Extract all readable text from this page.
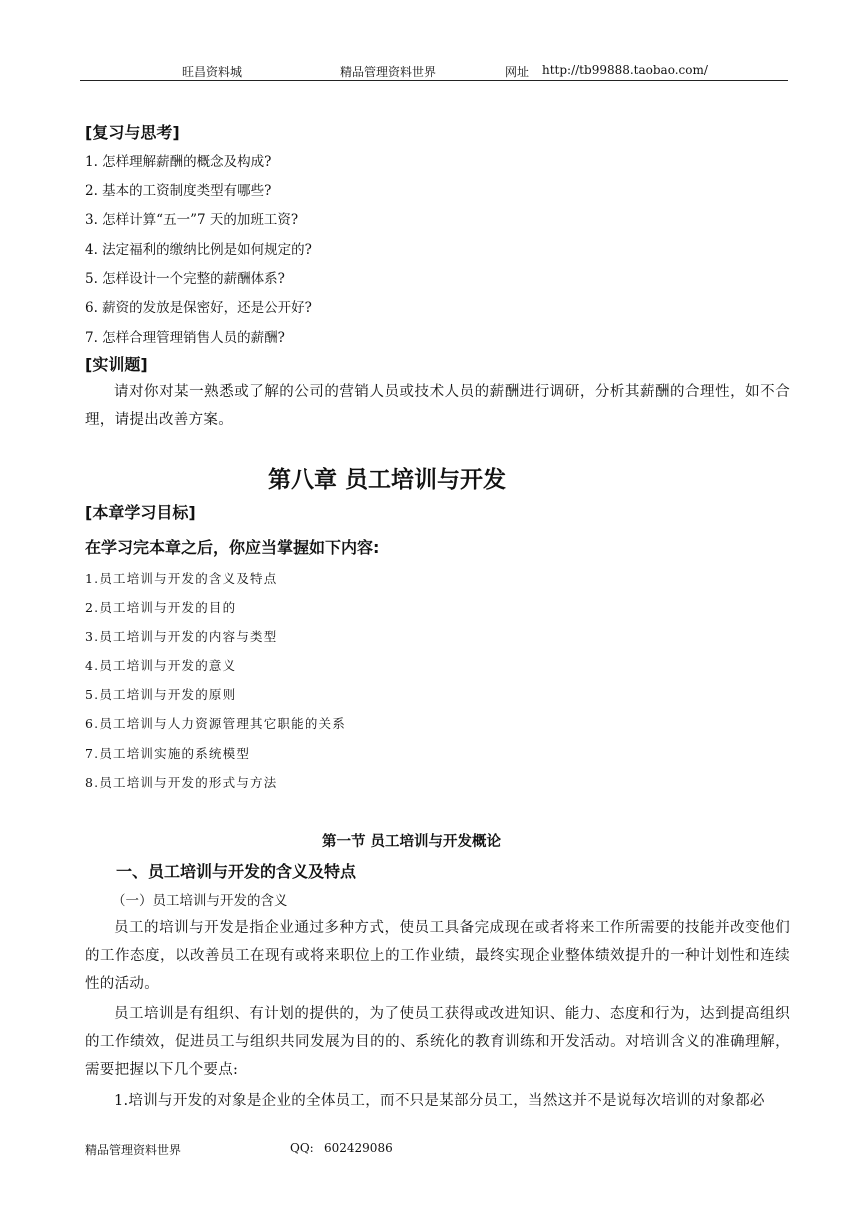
旺昌资料城	精品管理资料世界	网址 http://tb99888.taobao.com/
[复习与思考]
1. 怎样理解薪酬的概念及构成?
2. 基本的工资制度类型有哪些?
3. 怎样计算“五一”7 天的加班工资?
4. 法定福利的缴纳比例是如何规定的?
5. 怎样设计一个完整的薪酬体系?
6. 薪资的发放是保密好，还是公开好?
7. 怎样合理管理销售人员的薪酬?
[实训题]
请对你对某一熟悉或了解的公司的营销人员或技术人员的薪酬进行调研，分析其薪酬的合理性，如不合理，请提出改善方案。
第八章 员工培训与开发
[本章学习目标]
在学习完本章之后，你应当掌握如下内容:
1.员工培训与开发的含义及特点
2.员工培训与开发的目的
3.员工培训与开发的内容与类型
4.员工培训与开发的意义
5.员工培训与开发的原则
6.员工培训与人力资源管理其它职能的关系
7.员工培训实施的系统模型
8.员工培训与开发的形式与方法
第一节 员工培训与开发概论
一、员工培训与开发的含义及特点
（一）员工培训与开发的含义
员工的培训与开发是指企业通过多种方式，使员工具备完成现在或者将来工作所需要的技能并改变他们的工作态度，以改善员工在现有或将来职位上的工作业绩，最终实现企业整体绩效提升的一种计划性和连续性的活动。
员工培训是有组织、有计划的提供的，为了使员工获得或改进知识、能力、态度和行为，达到提高组织的工作绩效，促进员工与组织共同发展为目的的、系统化的教育训练和开发活动。对培训含义的准确理解，需要把握以下几个要点:
1.培训与开发的对象是企业的全体员工，而不只是某部分员工，当然这并不是说每次培训的对象都必
精品管理资料世界	QQ: 602429086
